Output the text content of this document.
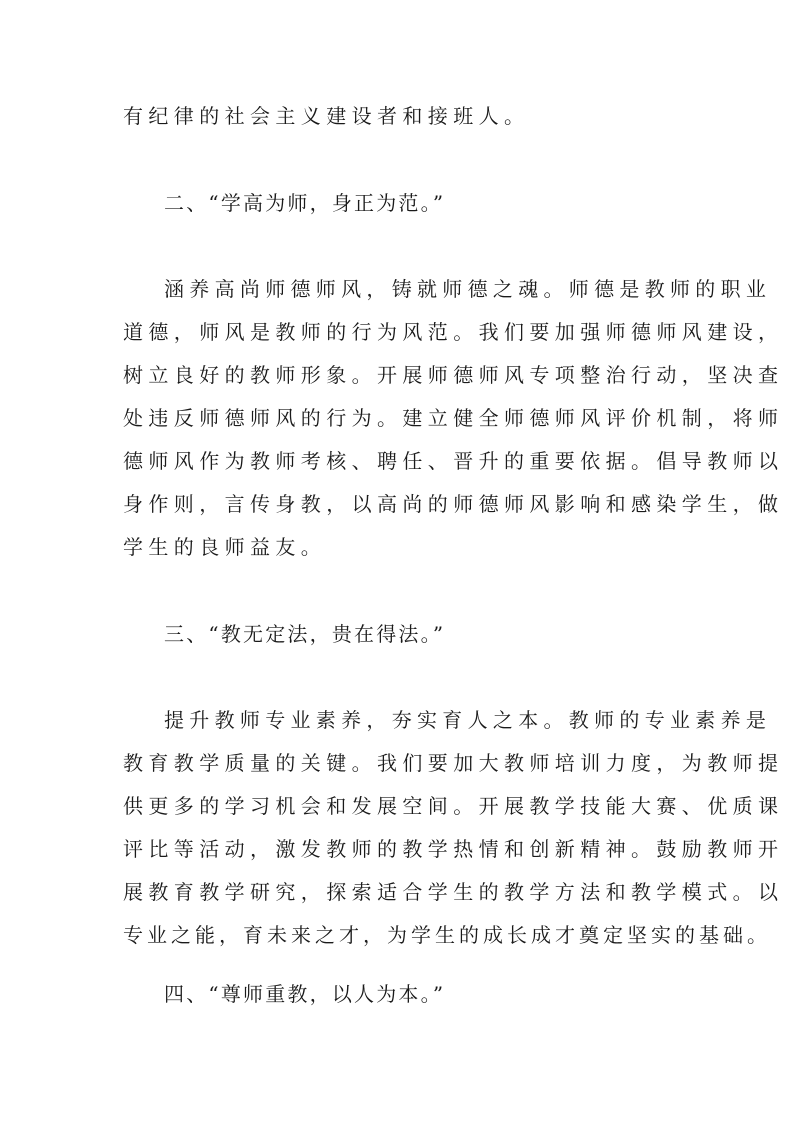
有纪律的社会主义建设者和接班人。
二、“学高为师，身正为范。”
涵养高尚师德师风，铸就师德之魂。师德是教师的职业
道德，师风是教师的行为风范。我们要加强师德师风建设，
树立良好的教师形象。开展师德师风专项整治行动，坚决查
处违反师德师风的行为。建立健全师德师风评价机制，将师
德师风作为教师考核、聘任、晋升的重要依据。倡导教师以
身作则，言传身教，以高尚的师德师风影响和感染学生，做
学生的良师益友。
三、“教无定法，贵在得法。”
提升教师专业素养，夯实育人之本。教师的专业素养是
教育教学质量的关键。我们要加大教师培训力度，为教师提
供更多的学习机会和发展空间。开展教学技能大赛、优质课
评比等活动，激发教师的教学热情和创新精神。鼓励教师开
展教育教学研究，探索适合学生的教学方法和教学模式。以
专业之能，育未来之才，为学生的成长成才奠定坚实的基础。
四、“尊师重教，以人为本。”
